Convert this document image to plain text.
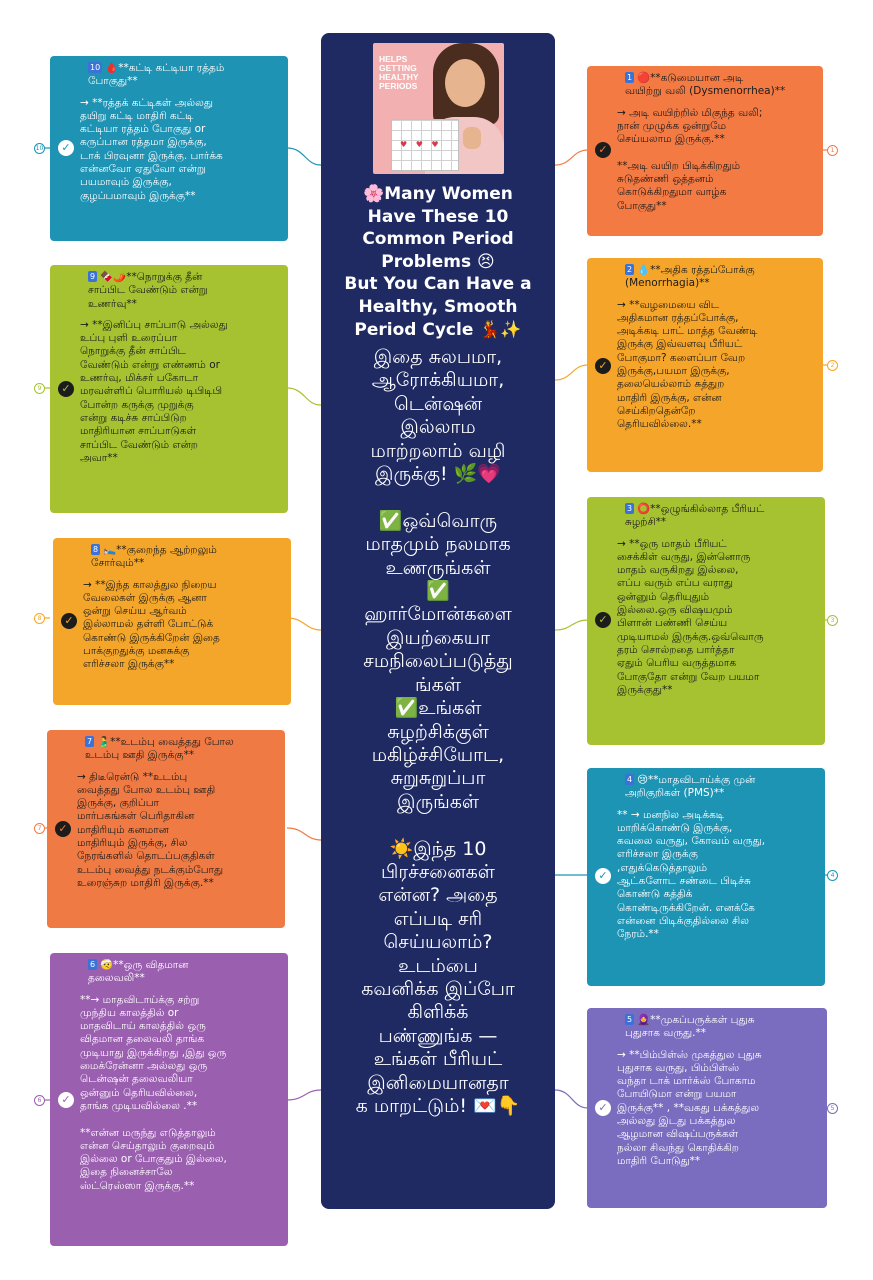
♥ ♥ ♥
HELPS
GETTING
HEALTHY
PERIODS
🌸Many Women
Have These 10
Common Period
Problems 😣
But You Can Have a
Healthy, Smooth
Period Cycle 💃✨
இதை சுலபமா,
ஆரோக்கியமா,
டென்ஷன்
இல்லாம
மாற்றலாம் வழி
இருக்கு! 🌿💗

✅ஒவ்வொரு
மாதமும் நலமாக
உணருங்கள்
✅
ஹார்மோன்களை
இயற்கையா
சமநிலைப்படுத்து
ங்கள்
✅உங்கள்
சுழற்சிக்குள்
மகிழ்ச்சியோட,
சுறுசுறுப்பா
இருங்கள்

☀️இந்த 10
பிரச்சனைகள்
என்ன? அதை
எப்படி சரி
செய்யலாம்?
உடம்பை
கவனிக்க இப்போ
கிளிக்க்
பண்ணுங்க —
உங்கள் பீரியட்
இனிமையானதா
க மாறட்டும்! 💌👇
10 🩸**கட்டி கட்டியா ரத்தம்
போகுது**
✓
→ **ரத்தக் கட்டிகள் அல்லது
தயிறு கட்டி மாதிரி கட்டி
கட்டியா ரத்தம் போகுது or
கருப்பான ரத்தமா இருக்கு,
டாக் பிரவுனா இருக்கு. பார்க்க
என்னவோ ஏதுவோ என்று
பயமாவும் இருக்கு,
குழப்பமாவும் இருக்கு**
9 🍫🌶️**நொறுக்கு தீன்
சாப்பிட வேண்டும் என்று
உணர்வு**
✓
→ **இனிப்பு சாப்பாடு அல்லது
உப்பு புளி உரைப்பா
நொறுக்கு தீன் சாப்பிட
வேண்டும் என்று எண்ணம் or
உணர்வு, மிக்சர் பகோடா
மரவள்ளிப் பொரியல் டிபிடிபி
போன்ற கருக்கு முறுக்கு
என்று கடிச்சு சாப்பிடுற
மாதிரியான சாப்பாடுகள்
சாப்பிட வேண்டும் என்ற
அவா**
8 🛌**குறைந்த ஆற்றலும்
சோர்வும்**
✓
→ **இந்த காலத்துல நிறைய
வேலைகள் இருக்கு ஆனா
ஒன்று செய்ய ஆர்வம்
இல்லாமல் தள்ளி போட்டுக்
கொண்டு இருக்கிறேன் இதை
பாக்குறதுக்கு மனசுக்கு
எரிச்சலா இருக்கு**
7 🫃**உடம்பு வைத்தது போல
உடம்பு ஊதி இருக்கு**
✓
→ திடீரென்டு **உடம்பு
வைத்தது போல உடம்பு ஊதி
இருக்கு, குறிப்பா
மார்பகங்கள் பெரிதாகின
மாதிரியும் கனமான
மாதிரியும் இருக்கு, சில
நேரங்களில் தொடப்பகுதிகள்
உடம்பு வைத்து நடக்கும்போது
உரைஞ்சுற மாதிரி இருக்கு.**
6 🤕**ஒரு விதமான
தலைவலி**
✓
**→ மாதவிடாய்க்கு சற்று
முந்திய காலத்தில் or
மாதவிடாய் காலத்தில் ஒரு
விதமான தலைவலி தாங்க
முடியாது இருக்கிறது ,இது ஒரு
மைக்ரேன்னா அல்லது ஒரு
டென்ஷன் தலைவலியா
ஒன்னும் தெரியவில்லை,
தாங்க முடியவில்லை .**

**என்ன மருந்து எடுத்தாலும்
என்ன செய்தாலும் குறைவும்
இல்லை or போகுதும் இல்லை,
இதை நினைச்சாலே
ஸ்ட்ரெஸ்ஸா இருக்கு.**
1 🔴**கடுமையான அடி
வயிற்று வலி (Dysmenorrhea)**
✓
→ அடி வயிற்றில் மிகுந்த வலி;
நான் முழுக்க ஒன்றுமே
செய்யலாம இருக்கு.**

**அடி வயிற பிடிக்கிறதும்
சுடுதண்ணி ஒத்தனம்
கொடுக்கிறதுமா வாழ்க
போகுது**
2 💧**அதிக ரத்தப்போக்கு
(Menorrhagia)**
✓
→ **வழமையை விட
அதிகமான ரத்தப்போக்கு,
அடிக்கடி பாட் மாத்த வேண்டி
இருக்கு இவ்வளவு பீரியட்
போகுமா? களைப்பா வேற
இருக்கு,பயமா இருக்கு,
தலையெல்லாம் சுத்துற
மாதிரி இருக்கு, என்ன
செய்கிறதென்றே
தெரியவில்லை.**
3 ⭕**ஒழுங்கில்லாத பீரியட்
சுழற்சி**
✓
→ **ஒரு மாதம் பீரியட்
சைக்கிள் வருது, இன்னொரு
மாதம் வருகிறது இல்லை,
எப்ப வரும் எப்ப வராது
ஒன்னும் தெரியுதும்
இல்லை.ஒரு விஷயமும்
பிளான் பண்ணி செய்ய
முடியாமல் இருக்கு.ஒவ்வொரு
தரம் சொல்றதை பார்த்தா
ஏதும் பெரிய வருத்தமாக
போகுதோ என்று வேற பயமா
இருக்குது**
4 😢**மாதவிடாய்க்கு முன்
அறிகுறிகள் (PMS)**
✓
** → மனநில அடிக்கடி
மாறிக்கொண்டு இருக்கு,
கவலை வருது, கோவம் வருது,
எரிச்சலா இருக்கு
,எதுக்கெடுத்தாலும்
ஆட்களோட சண்டை பிடிச்சு
கொண்டு கத்திக்
கொண்டிருக்கிறேன். எனக்கே
என்னை பிடிக்குதில்லை சில
நேரம்.**
5 🧕**முகப்பருக்கள் புதுசு
புதுசாக வருது.**
✓
→ **பிம்பிள்ஸ் முகத்துல புதுசு
புதுசாக வருது, பிம்பிள்ஸ்
வந்தா டாக் மார்க்ஸ் போகாம
போயிடுமா என்று பயமா
இருக்கு** , **வகது பக்கத்துல
அல்லது இடது பக்கத்துல
ஆழமான விஷப்பருக்கள்
நல்லா சிவந்து கொதிக்கிற
மாதிரி போடுது**
10
9
8
7
6
1
2
3
4
5
